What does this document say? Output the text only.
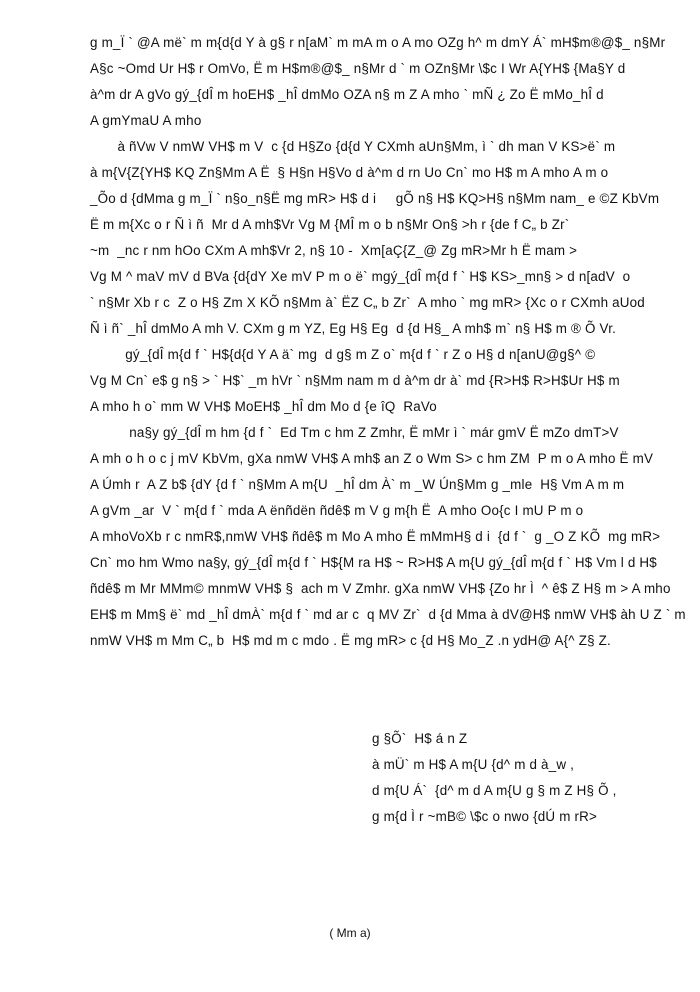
g m_Ï ` @A më` m m{d{d Y à g§ r n[aM` m mA m o A mo OZg h^ m dmY Á` mH$m®@$_ n§Mr
A§c ~Omd Ur H$ r OmVo, Ë m H$m®@$_ n§Mr d ` m OZn§Mr \$c I Wr A{YH$ {Ma§Y d
à^m dr A gVo gý_{dÎ m hoEH$ _hÎ dmMo OZA n§ m Z A mho ` mÑ ¿ Zo Ë mMo_hÎ d
A gmYmaU A mho
à ñVw V nmW VH$ m V  c {d H§Zo {d{d Y CXmh aUn§Mm, ì ` dh man V KS>ë` m
à m{V{Z{YH$ KQ Zn§Mm A Ë  § H§n H§Vo d à^m d rn Uo Cn` mo H$ m A mho A m o
_Õo d {dMma g m_Ï ` n§o_n§Ë mg mR> H$ d i     gÕ n§ H$ KQ>H§ n§Mm nam_ e ©Z KbVm
Ë m m{Xc o r Ñ ì ñ  Mr d A mh$Vr Vg M {MÎ m o b n§Mr On§ >h r {de f C„ b Zr`
~m  _nc r nm hOo CXm A mh$Vr 2, n§ 10 -  Xm[aÇ{Z_@ Zg mR>Mr h Ë mam >
Vg M ^ maV mV d BVa {d{dY Xe mV P m o ë` mgý_{dÎ m{d f ` H$ KS>_mn§ > d n[adV  o
` n§Mr Xb r c  Z o H§ Zm X KÕ n§Mm à` ËZ C„ b Zr`  A mho ` mg mR> {Xc o r CXmh aUod
Ñ ì ñ` _hÎ dmMo A mh V. CXm g m YZ, Eg H§ Eg  d {d H§_ A mh$ m` n§ H$ m ® Õ Vr.
gý_{dÎ m{d f ` H${d{d Y A ä` mg  d g§ m Z o` m{d f ` r Z o H§ d n[anU@g§^ ©
Vg M Cn` e$ g n§ > ` H$` _m hVr ` n§Mm nam m d à^m dr à` md {R>H$ R>H$Ur H$ m
A mho h o` mm W VH$ MoEH$ _hÎ dm Mo d {e îQ  RaVo
na§y gý_{dÎ m hm {d f `  Ed Tm c hm Z Zmhr, Ë mMr ì ` már gmV Ë mZo dmT>V
A mh o h o c j mV KbVm, gXa nmW VH$ A mh$ an Z o Wm S> c hm ZM  P m o A mho Ë mV
A Úmh r  A Z b$ {dY {d f ` n§Mm A m{U  _hÎ dm À` m _W Ún§Mm g _mle  H§ Vm A m m
A gVm _ar  V ` m{d f ` mda A ënñdën ñdê$ m V g m{h Ë  A mho Oo{c I mU P m o
A mhoVoXb r c nmR$,nmW VH$ ñdê$ m Mo A mho Ë mMmH§ d i  {d f `  g _O Z KÕ  mg mR>
Cn` mo hm Wmo na§y, gý_{dÎ m{d f ` H${M ra H$ ~ R>H$ A m{U gý_{dÎ m{d f ` H$ Vm l d H$
ñdê$ m Mr MMm© mnmW VH$ §  ach m V Zmhr. gXa nmW VH$ {Zo hr Ì  ^ ê$ Z H§ m > A mho
EH$ m Mm§ ë` md _hÎ dmÀ` m{d f ` md ar c  q MV Zr`  d {d Mma à dV@H$ nmW VH$ àh U Z ` m
nmW VH$ m Mm C„ b  H$ md m c mdo . Ë mg mR> c {d H§ Mo_Z .n ydH@ A{^ Z§ Z.
g §Õ`  H$ á n Z
à mÜ` m H$ A m{U {d^ m d à_w ,
d m{U Á`  {d^ m d A m{U g § m Z H§ Õ ,
g m{d Ì r ~mB© \$c o nwo {dÚ m rR>
( Mm a)
